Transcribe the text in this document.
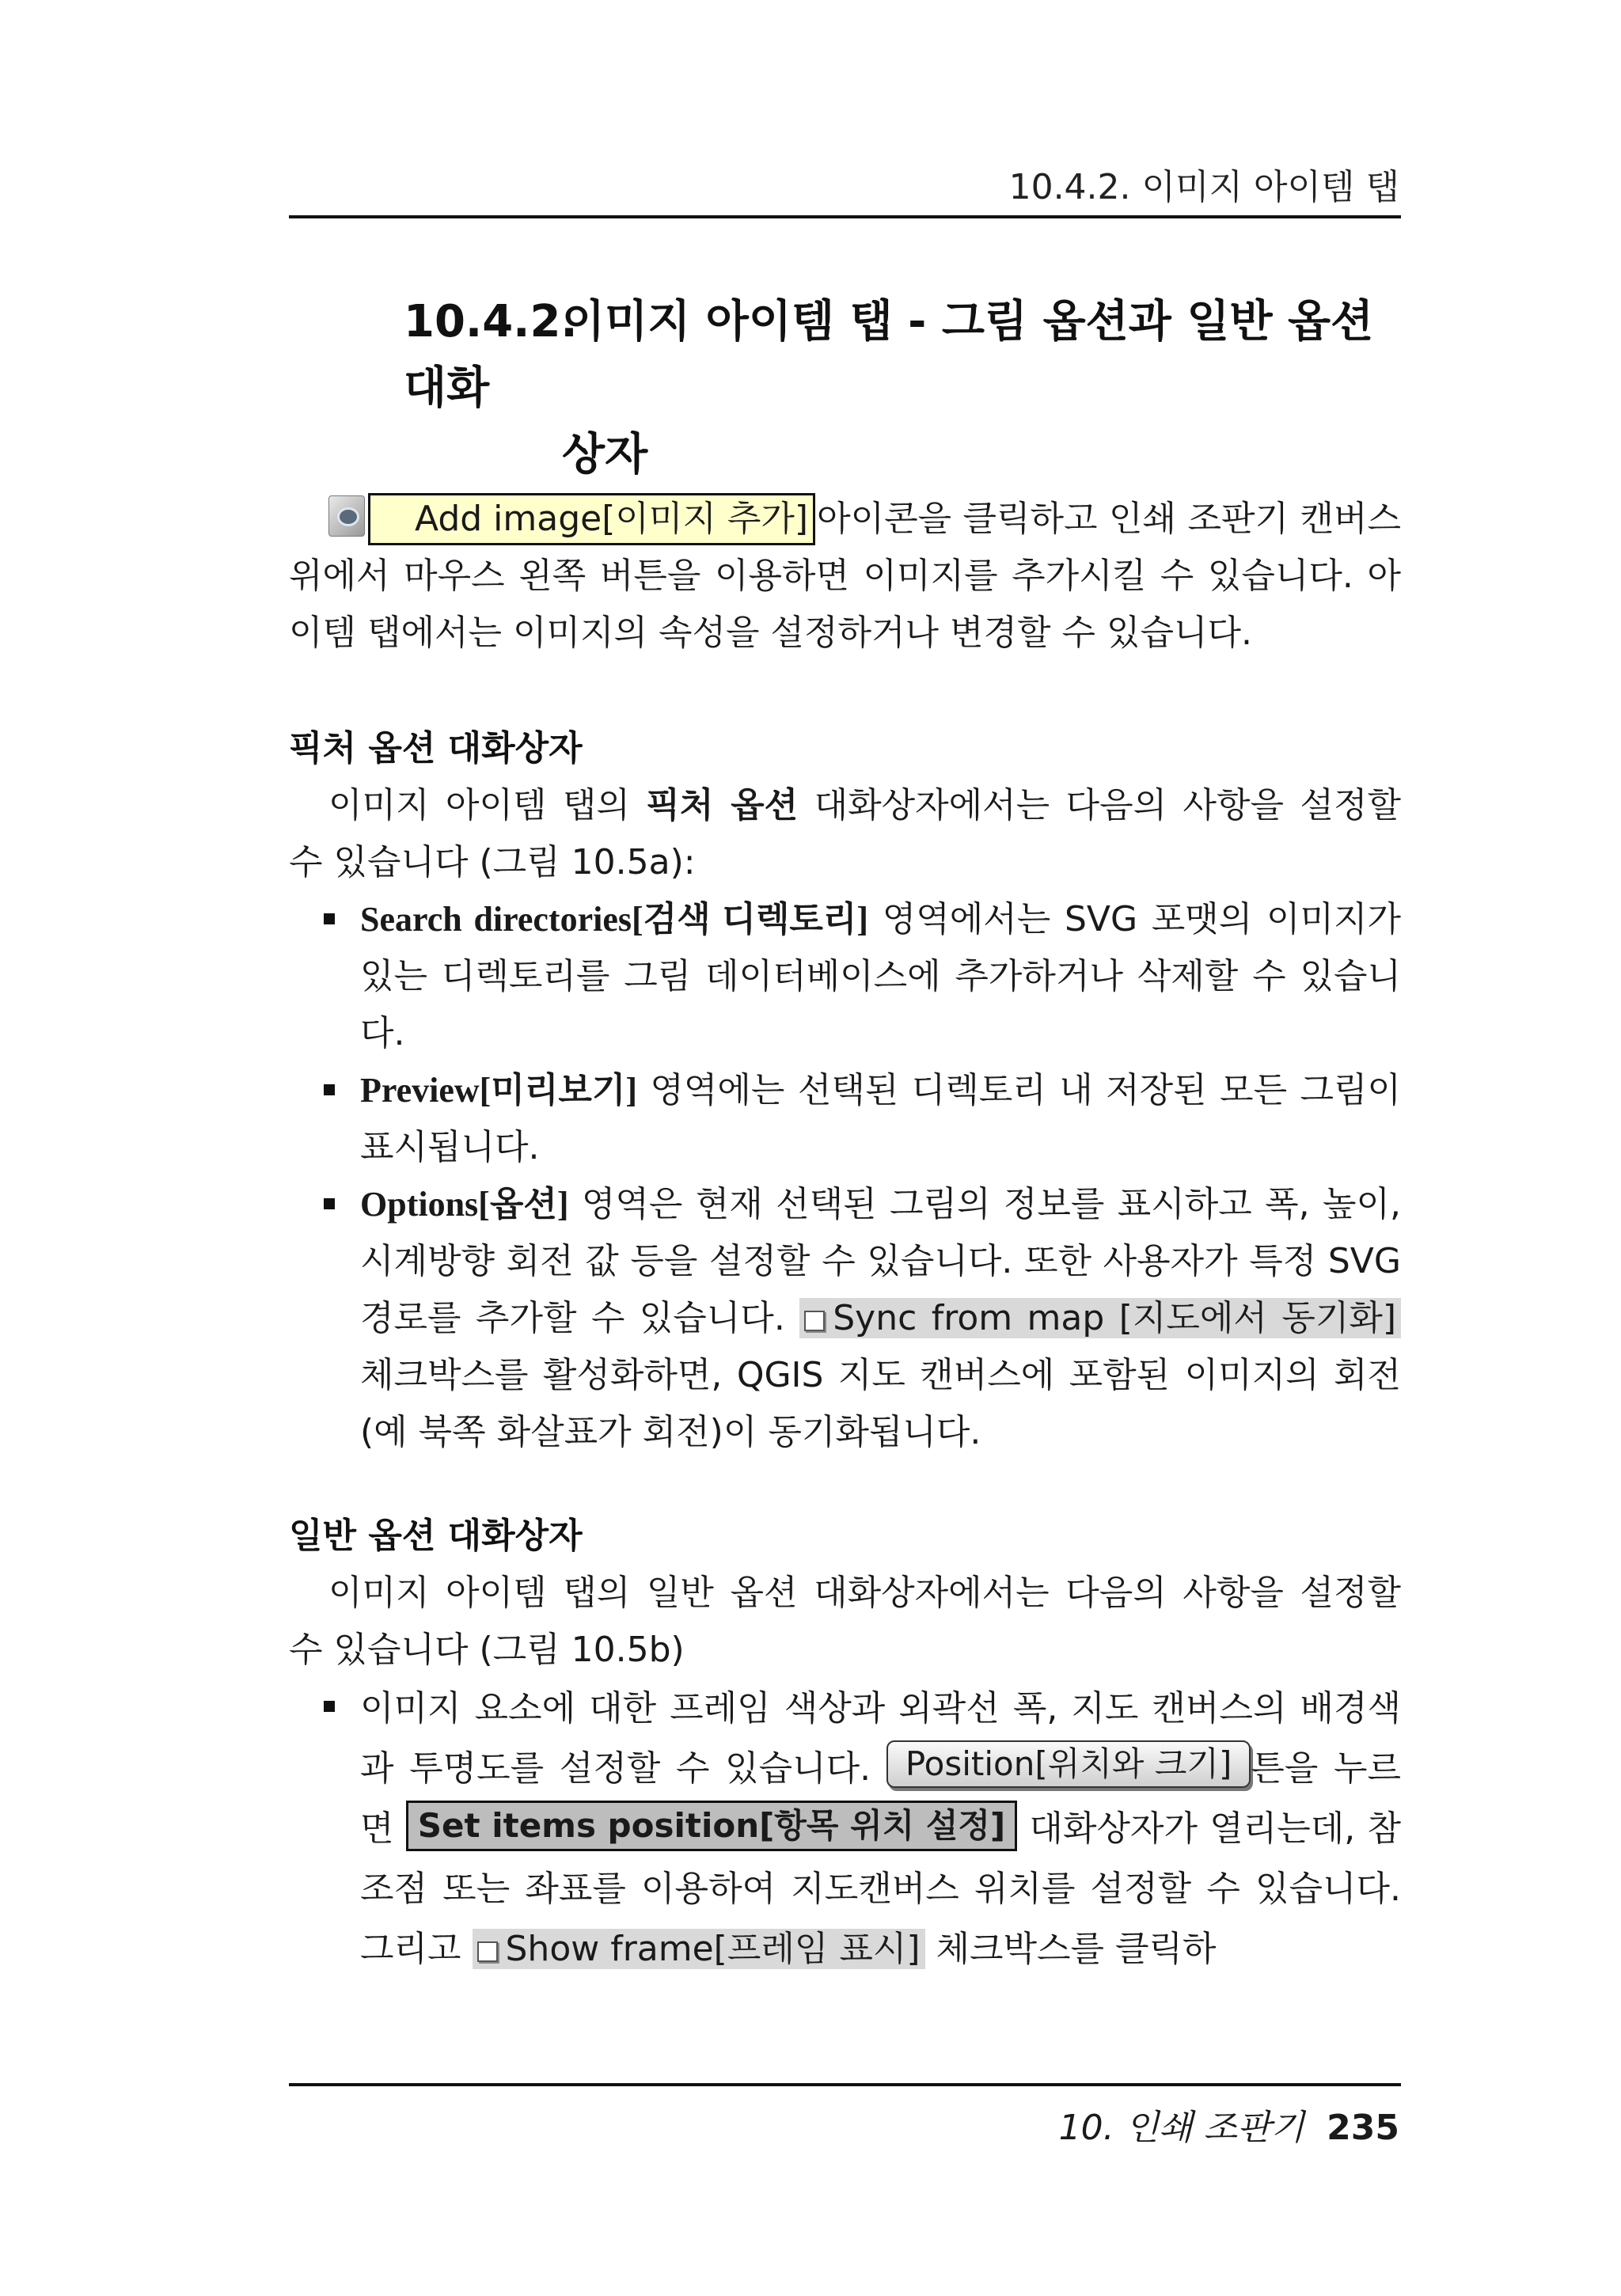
10.4.2. 이미지 아이템 탭
10.4.2.이미지 아이템 탭 - 그림 옵션과 일반 옵션 대화
상자
Add image[이미지 추가] 아이콘을 클릭하고 인쇄 조판기 캔버스 위에서 마우스 왼쪽 버튼을 이용하면 이미지를 추가시킬 수 있습니다. 아이템 탭에서는 이미지의 속성을 설정하거나 변경할 수 있습니다.
픽처 옵션 대화상자
이미지 아이템 탭의 픽처 옵션 대화상자에서는 다음의 사항을 설정할 수 있습니다 (그림 10.5a):
Search directories[검색 디렉토리] 영역에서는 SVG 포맷의 이미지가 있는 디렉토리를 그림 데이터베이스에 추가하거나 삭제할 수 있습니다.
Preview[미리보기] 영역에는 선택된 디렉토리 내 저장된 모든 그림이 표시됩니다.
Options[옵션] 영역은 현재 선택된 그림의 정보를 표시하고 폭, 높이, 시계방향 회전 값 등을 설정할 수 있습니다. 또한 사용자가 특정 SVG 경로를 추가할 수 있습니다. Sync from map [지도에서 동기화] 체크박스를 활성화하면, QGIS 지도 캔버스에 포함된 이미지의 회전(예 북쪽 화살표가 회전)이 동기화됩니다.
일반 옵션 대화상자
이미지 아이템 탭의 일반 옵션 대화상자에서는 다음의 사항을 설정할 수 있습니다 (그림 10.5b)
이미지 요소에 대한 프레임 색상과 외곽선 폭, 지도 캔버스의 배경색과 투명도를 설정할 수 있습니다. Position[위치와 크기] 튼을 누르면 Set items position[항목 위치 설정] 대화상자가 열리는데, 참조점 또는 좌표를 이용하여 지도캔버스 위치를 설정할 수 있습니다. 그리고 Show frame[프레임 표시] 체크박스를 클릭하
10. 인쇄 조판기 235
